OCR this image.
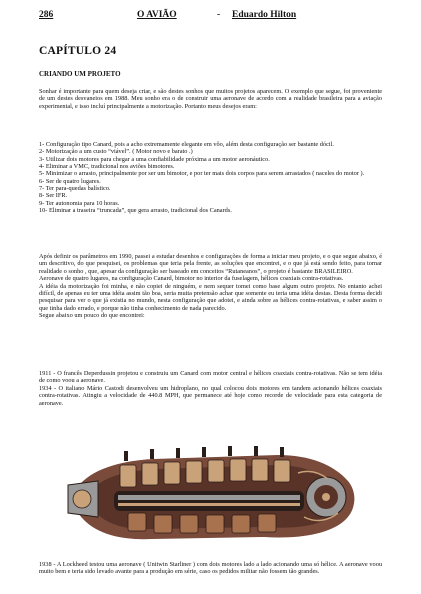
286	O AVIÃO	- Eduardo Hilton
CAPÍTULO 24
CRIANDO UM PROJETO

Sonhar é importante para quem deseja criar, e são destes sonhos que muitos projetos aparecem. O exemplo que segue, foi proveniente de um destes desvaneios em 1988. Meu sonho era o de construir uma aeronave de acordo com a realidade brasileira para a aviação experimental, e isso incluí principalmente a motorização. Portanto meus desejos eram:

1- Configuração tipo Canard, pois a acho extremamente elegante em vôo, além desta configuração ser bastante dócil.
2- Motorização a um custo “viável”. ( Motor novo e barato .)
3- Utilizar dois motores para chegar a uma confiabilidade próxima a um motor aeronáutico.
4- Eliminar a VMC, tradicional nos aviões bimotores.
5- Minimizar o arrasto, principalmente por ser um bimotor, e por ter mais dois corpos para serem arrastados ( naceles do motor ).
6- Ser de quatro lugares.
7- Ter para-quedas balístico.
8- Ser IFR.
9- Ter autonomia para 10 horas.
10- Eliminar a traseira “truncada”, que gera arrasto, tradicional dos Canards.

Após definir os parâmetros em 1990, passei a estudar desenhos e configurações de forma a iniciar meu projeto, e o que segue abaixo, é um descritivo, do que pesquisei, os problemas que teria pela frente, as soluções que encontrei, e o que já está sendo feito, para tornar realidade o sonho , que, apesar da configuração ser baseado em conceitos “Rutaneanos”, o projeto é bastante BRASILEIRO.

Aeronave de quatro lugares, na configuração Canard, bimotor no interior da fuselagem, hélices coaxiais contra-rotativas.

A idéia da motorização foi minha, e não copiei de ninguém, e nem sequer tomei como base algum outro projeto. No entanto achei difícil, de apenas eu ter uma idéia assim tão boa, seria muita pretensão achar que somente eu teria uma idéia destas. Desta forma decidi pesquisar para ver o que já existia no mundo, nesta configuração que adotei, e ainda sobre as hélices contra-rotativas, e saber assim o que tinha dado errado, e porque não tinha conhecimento de nada parecido.

Segue abaixo um pouco do que encontrei:

1911 - O francês Deperdussin projetou e construiu um Canard com motor central e hélices coaxiais contra-rotativas. Não se tem idéia de como voou a aeronave.

1934 - O italiano Mário Castodi desenvolveu um hidroplano, no qual colocou dois motores em tandem acionando hélices coaxiais contra-rotativas. Atingiu a velocidade de 440.8 MPH, que permanece até hoje como recorde de velocidade para esta categoria de aeronave.

1938 - A Lockheed testou uma aeronave ( Unitwin Starliner ) com dois motores lado a lado acionando uma só hélice. A aeronave voou muito bem e teria sido levado avante para a produção em série, caso os pedidos militar não fossem tão grandes.
